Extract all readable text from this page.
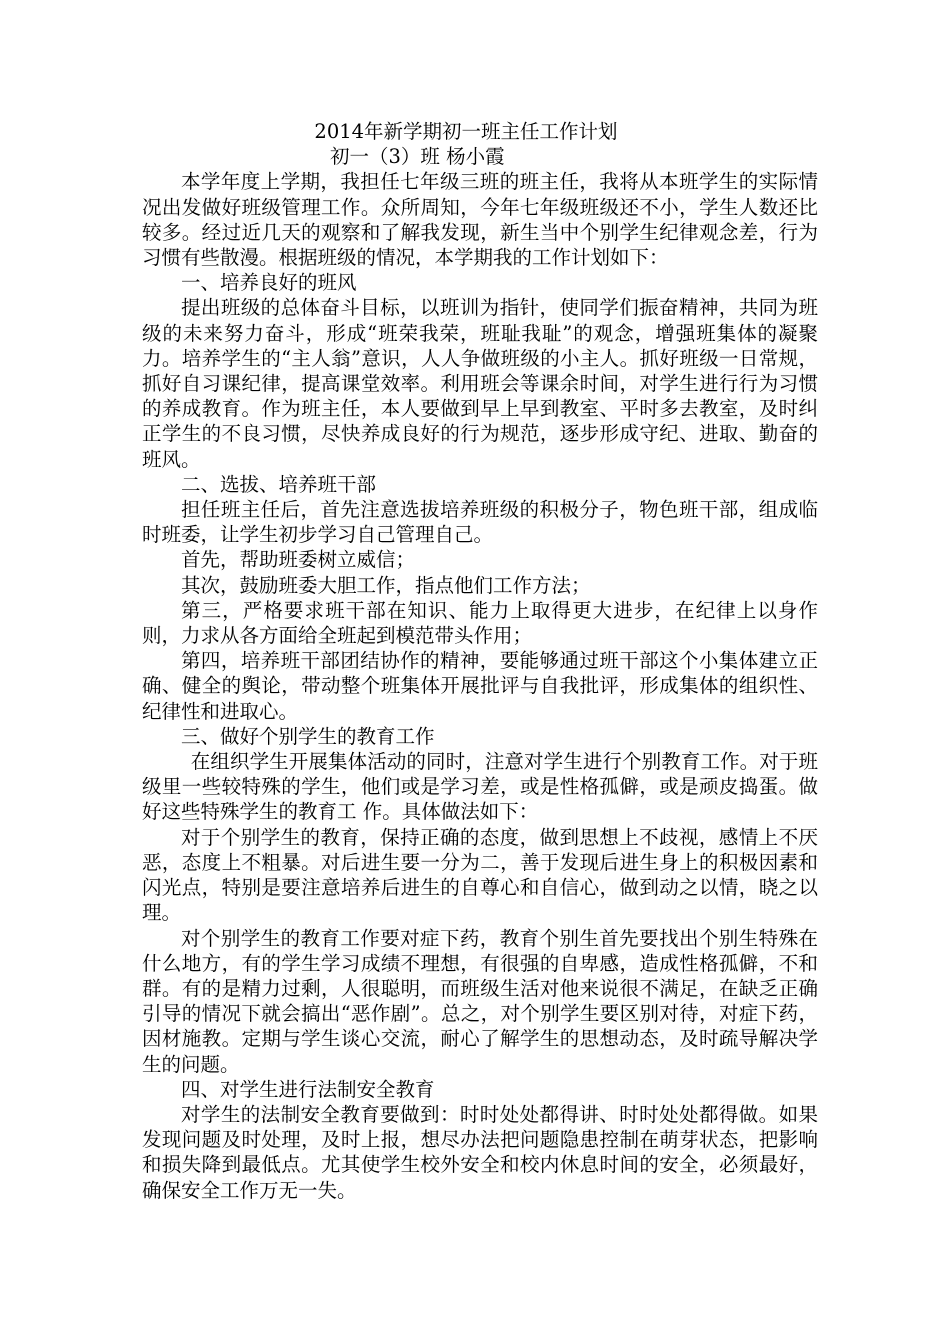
2014年新学期初一班主任工作计划

初一（3）班 杨小霞

本学年度上学期，我担任七年级三班的班主任，我将从本班学生的实际情况出发做好班级管理工作。众所周知，今年七年级班级还不小，学生人数还比较多。经过近几天的观察和了解我发现，新生当中个别学生纪律观念差，行为习惯有些散漫。根据班级的情况，本学期我的工作计划如下：

一、培养良好的班风

提出班级的总体奋斗目标，以班训为指针，使同学们振奋精神，共同为班级的未来努力奋斗，形成“班荣我荣，班耻我耻”的观念，增强班集体的凝聚力。培养学生的“主人翁”意识，人人争做班级的小主人。抓好班级一日常规，抓好自习课纪律，提高课堂效率。利用班会等课余时间，对学生进行行为习惯的养成教育。作为班主任，本人要做到早上早到教室、平时多去教室，及时纠正学生的不良习惯，尽快养成良好的行为规范，逐步形成守纪、进取、勤奋的班风。

二、选拔、培养班干部

担任班主任后，首先注意选拔培养班级的积极分子，物色班干部，组成临时班委，让学生初步学习自己管理自己。

首先，帮助班委树立威信；

其次，鼓励班委大胆工作，指点他们工作方法；

第三，严格要求班干部在知识、能力上取得更大进步，在纪律上以身作则，力求从各方面给全班起到模范带头作用；

第四，培养班干部团结协作的精神，要能够通过班干部这个小集体建立正确、健全的舆论，带动整个班集体开展批评与自我批评，形成集体的组织性、纪律性和进取心。

三、做好个别学生的教育工作

在组织学生开展集体活动的同时，注意对学生进行个别教育工作。对于班级里一些较特殊的学生，他们或是学习差，或是性格孤僻，或是顽皮捣蛋。做好这些特殊学生的教育工 作。具体做法如下：

对于个别学生的教育，保持正确的态度，做到思想上不歧视，感情上不厌恶，态度上不粗暴。对后进生要一分为二，善于发现后进生身上的积极因素和闪光点，特别是要注意培养后进生的自尊心和自信心，做到动之以情，晓之以理。

对个别学生的教育工作要对症下药，教育个别生首先要找出个别生特殊在什么地方，有的学生学习成绩不理想，有很强的自卑感，造成性格孤僻，不和群。有的是精力过剩，人很聪明，而班级生活对他来说很不满足，在缺乏正确引导的情况下就会搞出“恶作剧”。总之，对个别学生要区别对待，对症下药，因材施教。定期与学生谈心交流，耐心了解学生的思想动态，及时疏导解决学生的问题。

四、对学生进行法制安全教育

对学生的法制安全教育要做到：时时处处都得讲、时时处处都得做。如果发现问题及时处理，及时上报，想尽办法把问题隐患控制在萌芽状态，把影响和损失降到最低点。尤其使学生校外安全和校内休息时间的安全，必须最好，确保安全工作万无一失。
